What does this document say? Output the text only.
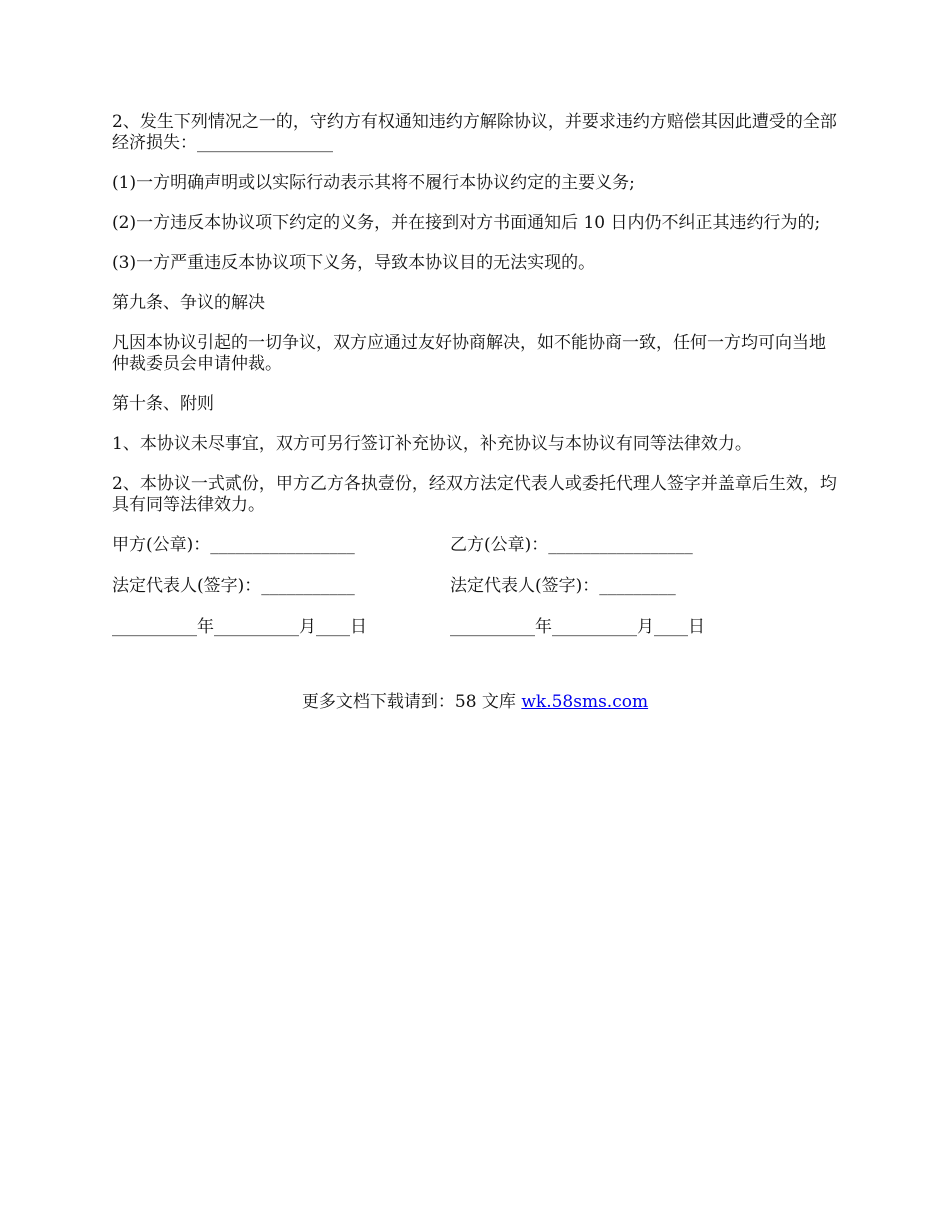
2、发生下列情况之一的，守约方有权通知违约方解除协议，并要求违约方赔偿其因此遭受的全部经济损失：________________

(1)一方明确声明或以实际行动表示其将不履行本协议约定的主要义务;

(2)一方违反本协议项下约定的义务，并在接到对方书面通知后 10 日内仍不纠正其违约行为的;

(3)一方严重违反本协议项下义务，导致本协议目的无法实现的。

第九条、争议的解决

凡因本协议引起的一切争议，双方应通过友好协商解决，如不能协商一致，任何一方均可向当地仲裁委员会申请仲裁。

第十条、附则

1、本协议未尽事宜，双方可另行签订补充协议，补充协议与本协议有同等法律效力。

2、本协议一式贰份，甲方乙方各执壹份，经双方法定代表人或委托代理人签字并盖章后生效，均具有同等法律效力。

甲方(公章)：_________________	乙方(公章)：_________________
法定代表人(签字)：___________	法定代表人(签字)：_________
__________年__________月____日	__________年__________月____日
更多文档下载请到：58 文库 wk.58sms.com
